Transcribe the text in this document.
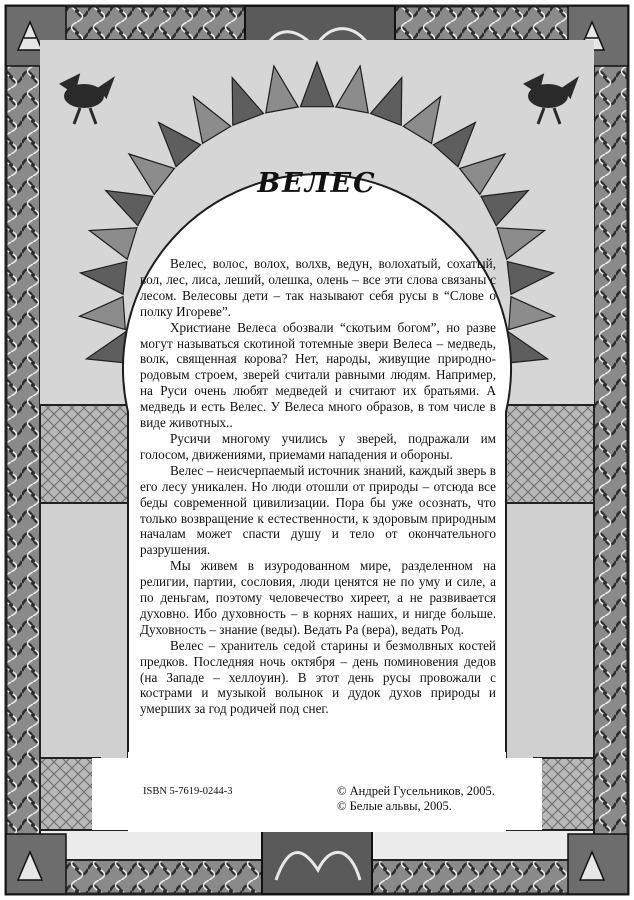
ВЕЛЕС

Велес, волос, волох, волхв, ведун, волохатый, сохатый, вол, лес, лиса, леший, олешка, олень – все эти слова связаны с лесом. Велесовы дети – так называют себя русы в “Слове о полку Игореве”.

Христиане Велеса обозвали “скотьим богом”, но разве могут называться скотиной тотемные звери Велеса – медведь, волк, священная корова? Нет, народы, живущие природно-родовым строем, зверей считали равными людям. Например, на Руси очень любят медведей и считают их братьями. А медведь и есть Велес. У Велеса много образов, в том числе в виде животных..

Русичи многому учились у зверей, подражали им голосом, движениями, приемами нападения и обороны.

Велес – неисчерпаемый источник знаний, каждый зверь в его лесу уникален. Но люди отошли от природы – отсюда все беды современной цивилизации. Пора бы уже осознать, что только возвращение к естественности, к здоровым природным началам может спасти душу и тело от окончательного разрушения.

Мы живем в изуродованном мире, разделенном на религии, партии, сословия, люди ценятся не по уму и силе, а по деньгам, поэтому человечество хиреет, а не развивается духовно. Ибо духовность – в корнях наших, и нигде больше. Духовность – знание (веды). Ведать Ра (вера), ведать Род.

Велес – хранитель седой старины и безмолвных костей предков. Последняя ночь октября – день поминовения дедов (на Западе – хеллоуин). В этот день русы провожали с кострами и музыкой волынок и дудок духов природы и умерших за год родичей под снег.

ISBN 5-7619-0244-3	© Андрей Гусельников, 2005.
© Белые альвы, 2005.
